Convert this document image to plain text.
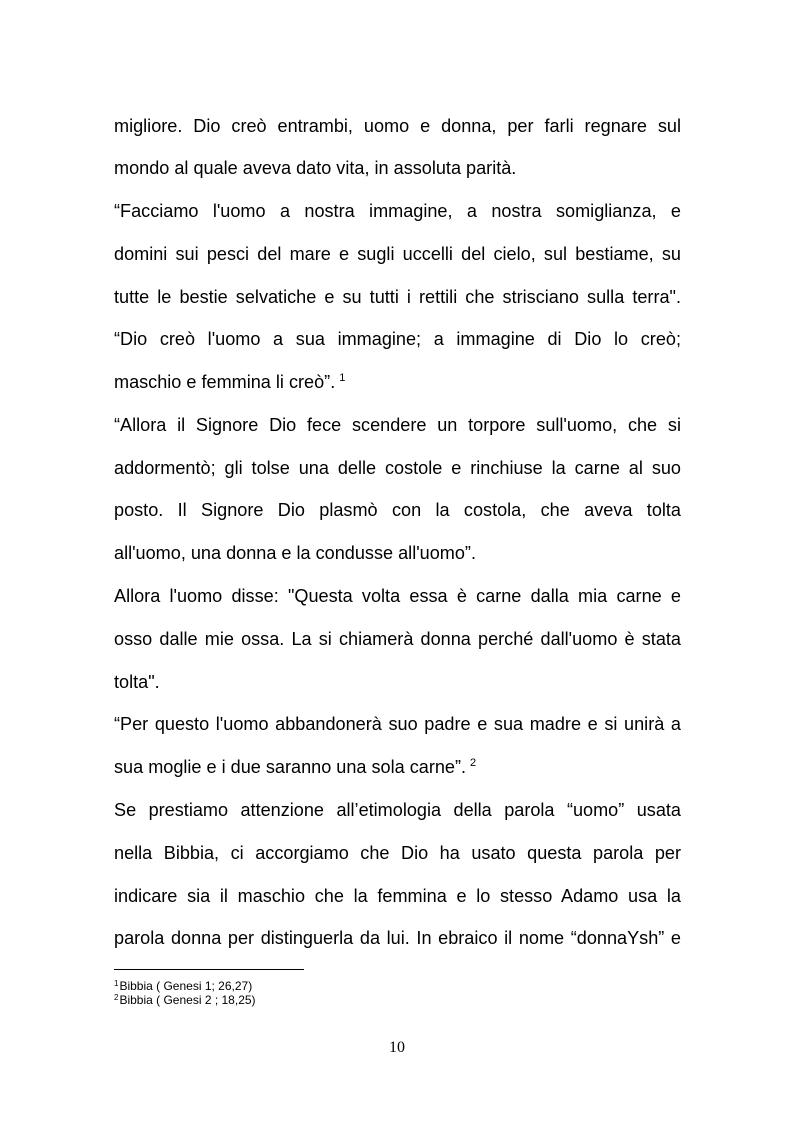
migliore. Dio creò entrambi, uomo e donna, per farli regnare sul
mondo al quale aveva dato vita, in assoluta parità.
“Facciamo l'uomo a nostra immagine, a nostra somiglianza, e
domini sui pesci del mare e sugli uccelli del cielo, sul bestiame, su
tutte le bestie selvatiche e su tutti i rettili che strisciano sulla terra".
“Dio creò l'uomo a sua immagine; a immagine di Dio lo creò;
maschio e femmina li creò”. $^1$
“Allora il Signore Dio fece scendere un torpore sull'uomo, che si
addormentò; gli tolse una delle costole e rinchiuse la carne al suo
posto. Il Signore Dio plasmò con la costola, che aveva tolta
all'uomo, una donna e la condusse all'uomo”.
Allora l'uomo disse: "Questa volta essa è carne dalla mia carne e
osso dalle mie ossa. La si chiamerà donna perché dall'uomo è stata
tolta".
“Per questo l'uomo abbandonerà suo padre e sua madre e si unirà a
sua moglie e i due saranno una sola carne”. $^2$
Se prestiamo attenzione all’etimologia della parola “uomo” usata
nella Bibbia, ci accorgiamo che Dio ha usato questa parola per
indicare sia il maschio che la femmina e lo stesso Adamo usa la
parola donna per distinguerla da lui. In ebraico il nome “donnaYsh” e
$^1$Bibbia ( Genesi 1; 26,27)
$^2$Bibbia ( Genesi 2 ; 18,25)
10
